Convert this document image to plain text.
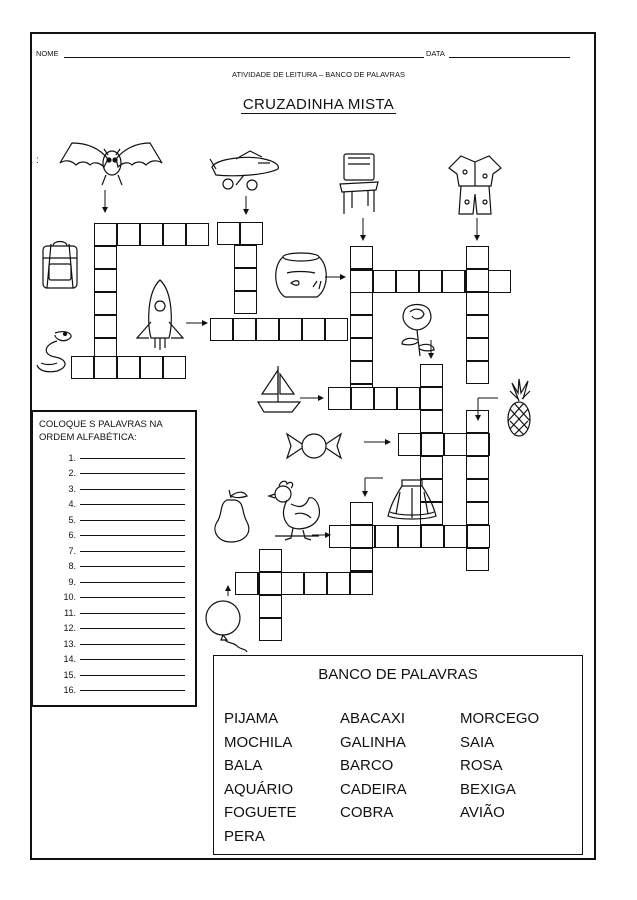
NOME	DATA
ATIVIDADE DE LEITURA – BANCO DE PALAVRAS
CRUZADINHA MISTA
:
COLOQUE S PALAVRAS NA ORDEM ALFABÉTICA:
1.
2.
3.
4.
5.
6.
7.
8.
9.
10.
11.
12.
13.
14.
15.
16.
BANCO DE PALAVRAS
PIJAMA
MOCHILA
BALA
AQUÁRIO
FOGUETE
PERA
ABACAXI
GALINHA
BARCO
CADEIRA
COBRA
MORCEGO
SAIA
ROSA
BEXIGA
AVIÃO
